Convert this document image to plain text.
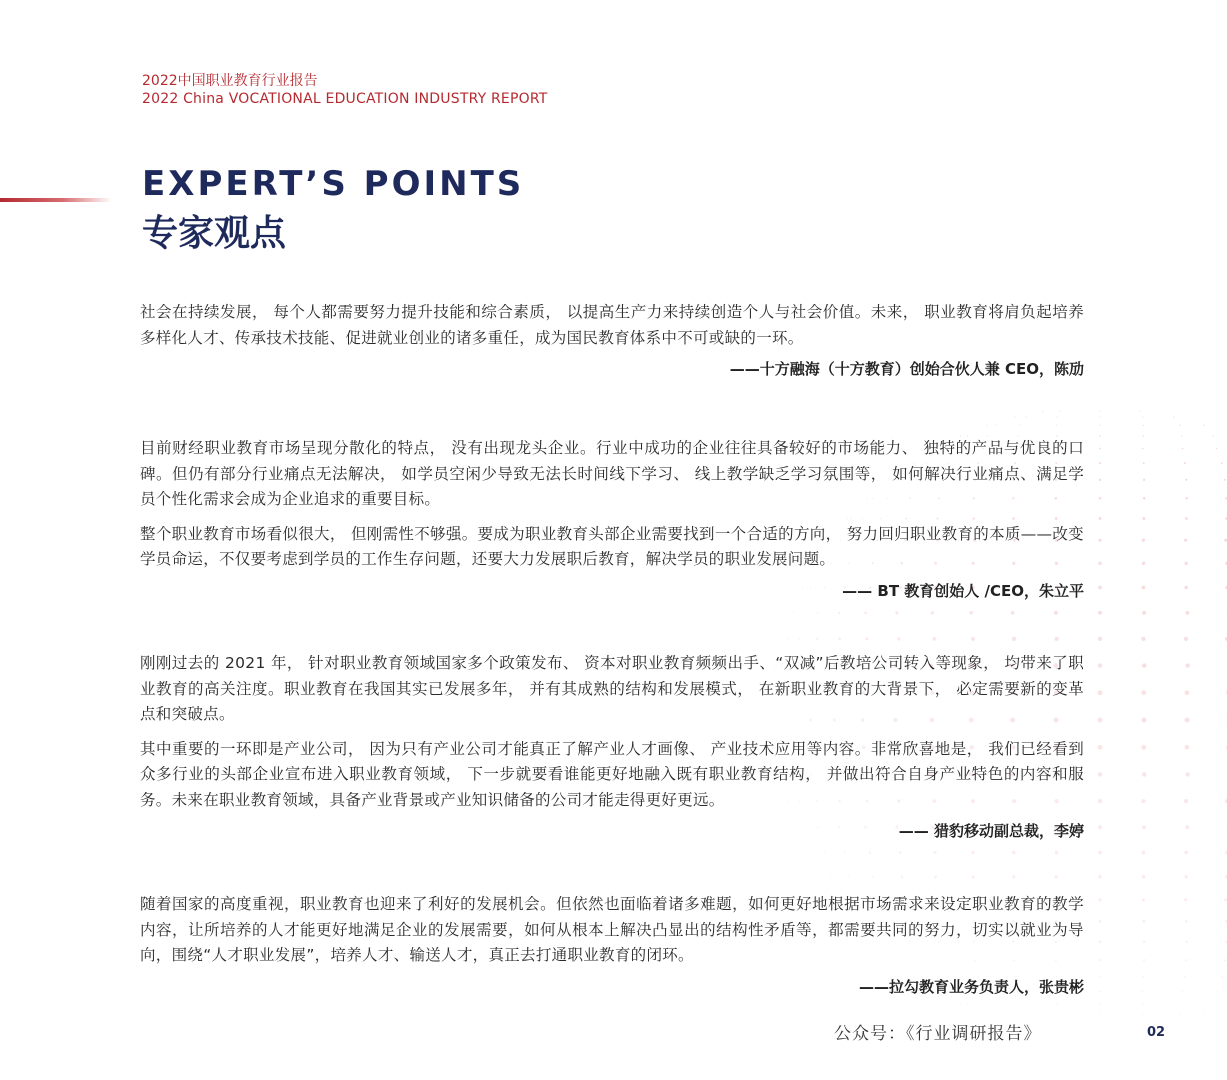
2022中国职业教育行业报告
2022 China VOCATIONAL EDUCATION INDUSTRY REPORT
EXPERT’S POINTS
专家观点

社会在持续发展， 每个人都需要努力提升技能和综合素质， 以提高生产力来持续创造个人与社会价值。未来， 职业教育将肩负起培养多样化人才、传承技术技能、促进就业创业的诸多重任，成为国民教育体系中不可或缺的一环。

——十方融海（十方教育）创始合伙人兼 CEO，陈劢

目前财经职业教育市场呈现分散化的特点， 没有出现龙头企业。行业中成功的企业往往具备较好的市场能力、 独特的产品与优良的口碑。但仍有部分行业痛点无法解决， 如学员空闲少导致无法长时间线下学习、 线上教学缺乏学习氛围等， 如何解决行业痛点、满足学员个性化需求会成为企业追求的重要目标。

整个职业教育市场看似很大， 但刚需性不够强。要成为职业教育头部企业需要找到一个合适的方向， 努力回归职业教育的本质——改变学员命运，不仅要考虑到学员的工作生存问题，还要大力发展职后教育，解决学员的职业发展问题。

—— BT 教育创始人 /CEO，朱立平

刚刚过去的 2021 年， 针对职业教育领域国家多个政策发布、 资本对职业教育频频出手、“双减”后教培公司转入等现象， 均带来了职业教育的高关注度。职业教育在我国其实已发展多年， 并有其成熟的结构和发展模式， 在新职业教育的大背景下， 必定需要新的变革点和突破点。

其中重要的一环即是产业公司， 因为只有产业公司才能真正了解产业人才画像、 产业技术应用等内容。非常欣喜地是， 我们已经看到众多行业的头部企业宣布进入职业教育领域， 下一步就要看谁能更好地融入既有职业教育结构， 并做出符合自身产业特色的内容和服务。未来在职业教育领域，具备产业背景或产业知识储备的公司才能走得更好更远。

—— 猎豹移动副总裁，李婷

随着国家的高度重视，职业教育也迎来了利好的发展机会。但依然也面临着诸多难题，如何更好地根据市场需求来设定职业教育的教学内容，让所培养的人才能更好地满足企业的发展需要，如何从根本上解决凸显出的结构性矛盾等，都需要共同的努力，切实以就业为导向，围绕“人才职业发展”，培养人才、输送人才，真正去打通职业教育的闭环。

——拉勾教育业务负责人，张贵彬
公众号：《行业调研报告》	02
